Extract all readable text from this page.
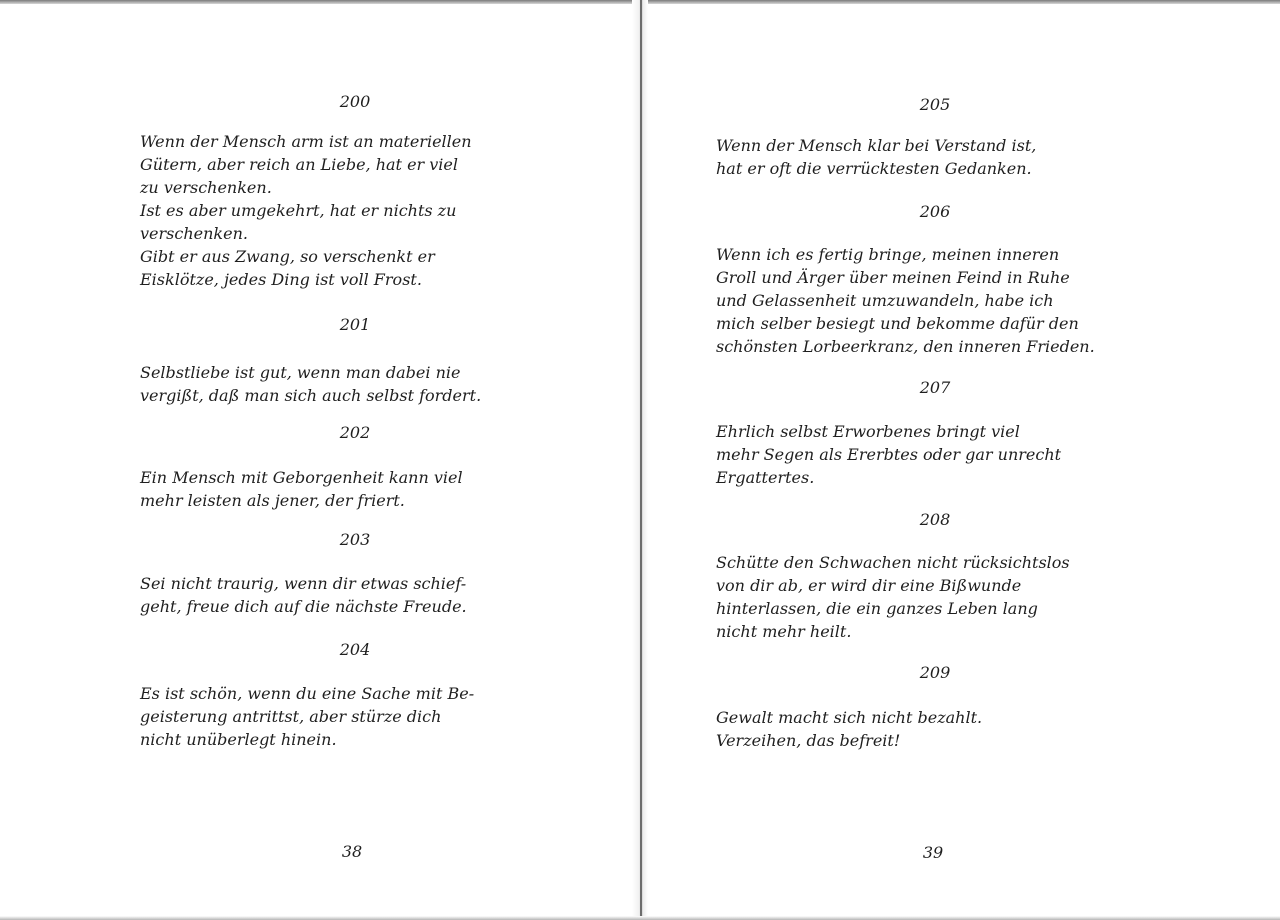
200

Wenn der Mensch arm ist an materiellen
Gütern, aber reich an Liebe, hat er viel
zu verschenken.
Ist es aber umgekehrt, hat er nichts zu
verschenken.
Gibt er aus Zwang, so verschenkt er
Eisklötze, jedes Ding ist voll Frost.

201

Selbstliebe ist gut, wenn man dabei nie
vergißt, daß man sich auch selbst fordert.

202

Ein Mensch mit Geborgenheit kann viel
mehr leisten als jener, der friert.

203

Sei nicht traurig, wenn dir etwas schief-
geht, freue dich auf die nächste Freude.

204

Es ist schön, wenn du eine Sache mit Be-
geisterung antrittst, aber stürze dich
nicht unüberlegt hinein.

38
205

Wenn der Mensch klar bei Verstand ist,
hat er oft die verrücktesten Gedanken.

206

Wenn ich es fertig bringe, meinen inneren
Groll und Ärger über meinen Feind in Ruhe
und Gelassenheit umzuwandeln, habe ich
mich selber besiegt und bekomme dafür den
schönsten Lorbeerkranz, den inneren Frieden.

207

Ehrlich selbst Erworbenes bringt viel
mehr Segen als Ererbtes oder gar unrecht
Ergattertes.

208

Schütte den Schwachen nicht rücksichtslos
von dir ab, er wird dir eine Bißwunde
hinterlassen, die ein ganzes Leben lang
nicht mehr heilt.

209

Gewalt macht sich nicht bezahlt.
Verzeihen, das befreit!

39
